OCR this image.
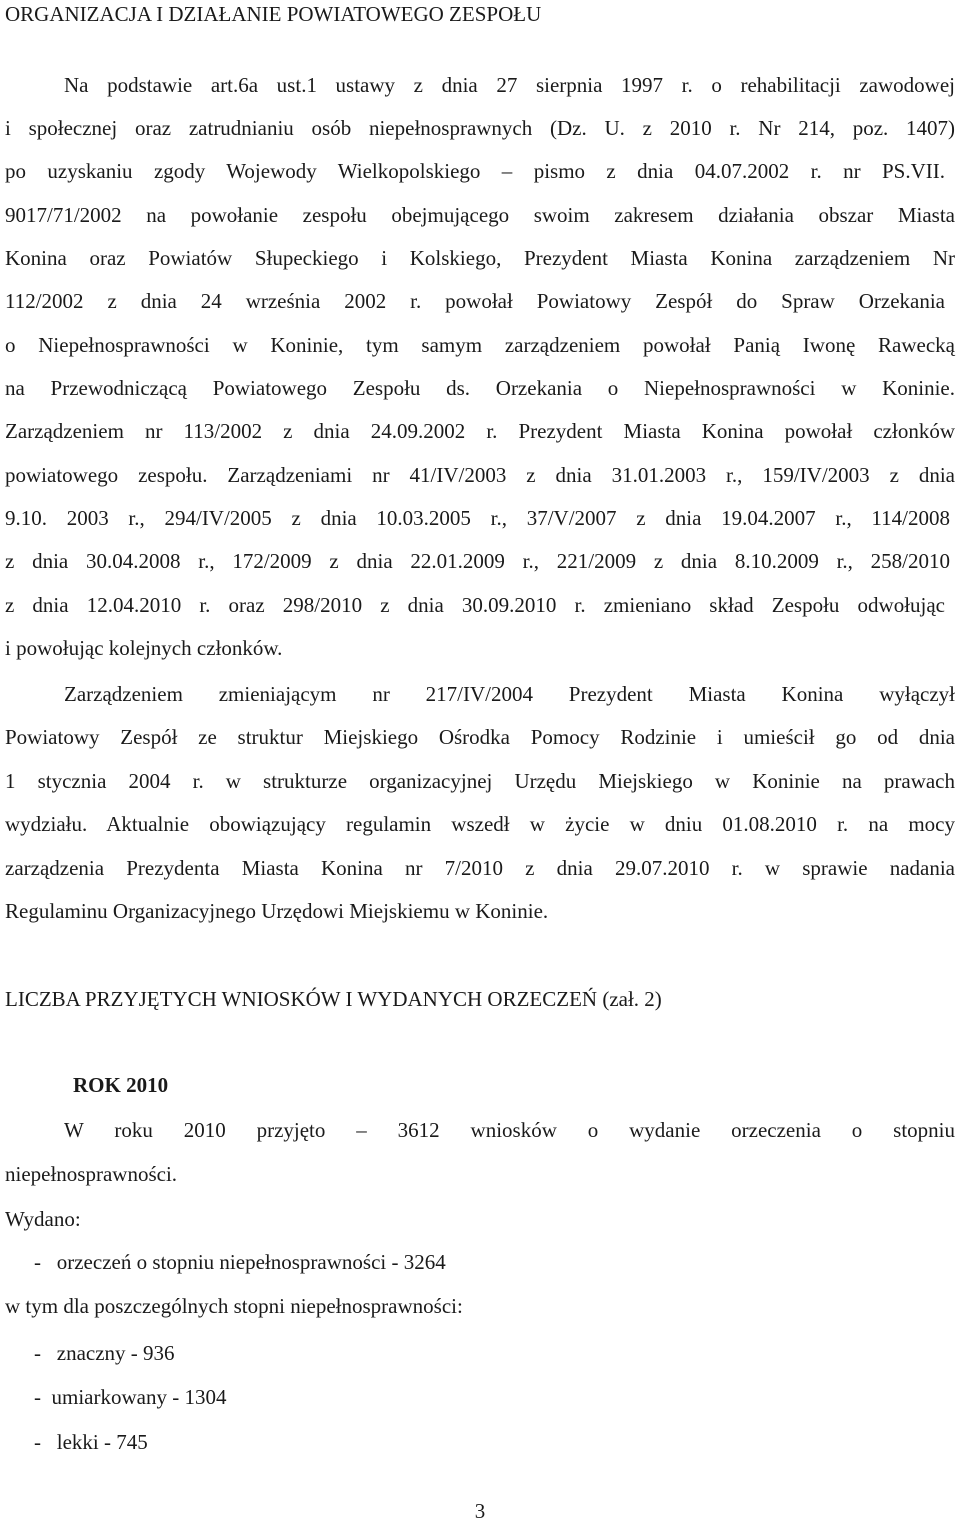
ORGANIZACJA I DZIAŁANIE POWIATOWEGO ZESPOŁU
Na podstawie art.6a ust.1 ustawy z dnia 27 sierpnia 1997 r. o rehabilitacji zawodowej
i społecznej oraz zatrudnianiu osób niepełnosprawnych (Dz. U. z 2010 r. Nr 214, poz. 1407)
po uzyskaniu zgody Wojewody Wielkopolskiego – pismo z dnia 04.07.2002 r. nr PS.VII.
9017/71/2002 na powołanie zespołu obejmującego swoim zakresem działania obszar Miasta
Konina oraz Powiatów Słupeckiego i Kolskiego, Prezydent Miasta Konina zarządzeniem Nr
112/2002 z dnia 24 września 2002 r. powołał Powiatowy Zespół do Spraw Orzekania
o Niepełnosprawności w Koninie, tym samym zarządzeniem powołał Panią Iwonę Rawecką
na Przewodniczącą Powiatowego Zespołu ds. Orzekania o Niepełnosprawności w Koninie.
Zarządzeniem nr 113/2002 z dnia 24.09.2002 r. Prezydent Miasta Konina powołał członków
powiatowego zespołu. Zarządzeniami nr 41/IV/2003 z dnia 31.01.2003 r., 159/IV/2003 z dnia
9.10. 2003 r., 294/IV/2005 z dnia 10.03.2005 r., 37/V/2007 z dnia 19.04.2007 r., 114/2008
z dnia 30.04.2008 r., 172/2009 z dnia 22.01.2009 r., 221/2009 z dnia 8.10.2009 r., 258/2010
z dnia 12.04.2010 r. oraz 298/2010 z dnia 30.09.2010 r. zmieniano skład Zespołu odwołując
i powołując kolejnych członków.
Zarządzeniem zmieniającym nr 217/IV/2004 Prezydent Miasta Konina wyłączył
Powiatowy Zespół ze struktur Miejskiego Ośrodka Pomocy Rodzinie i umieścił go od dnia
1 stycznia 2004 r. w strukturze organizacyjnej Urzędu Miejskiego w Koninie na prawach
wydziału. Aktualnie obowiązujący regulamin wszedł w życie w dniu 01.08.2010 r. na mocy
zarządzenia Prezydenta Miasta Konina nr 7/2010 z dnia 29.07.2010 r. w sprawie nadania
Regulaminu Organizacyjnego Urzędowi Miejskiemu w Koninie.
LICZBA PRZYJĘTYCH WNIOSKÓW I WYDANYCH ORZECZEŃ (zał. 2)
ROK 2010
W roku 2010 przyjęto – 3612 wniosków o wydanie orzeczenia o stopniu
niepełnosprawności.
Wydano:
-   orzeczeń o stopniu niepełnosprawności - 3264
w tym dla poszczególnych stopni niepełnosprawności:
-   znaczny - 936
-  umiarkowany - 1304
-   lekki - 745
3
